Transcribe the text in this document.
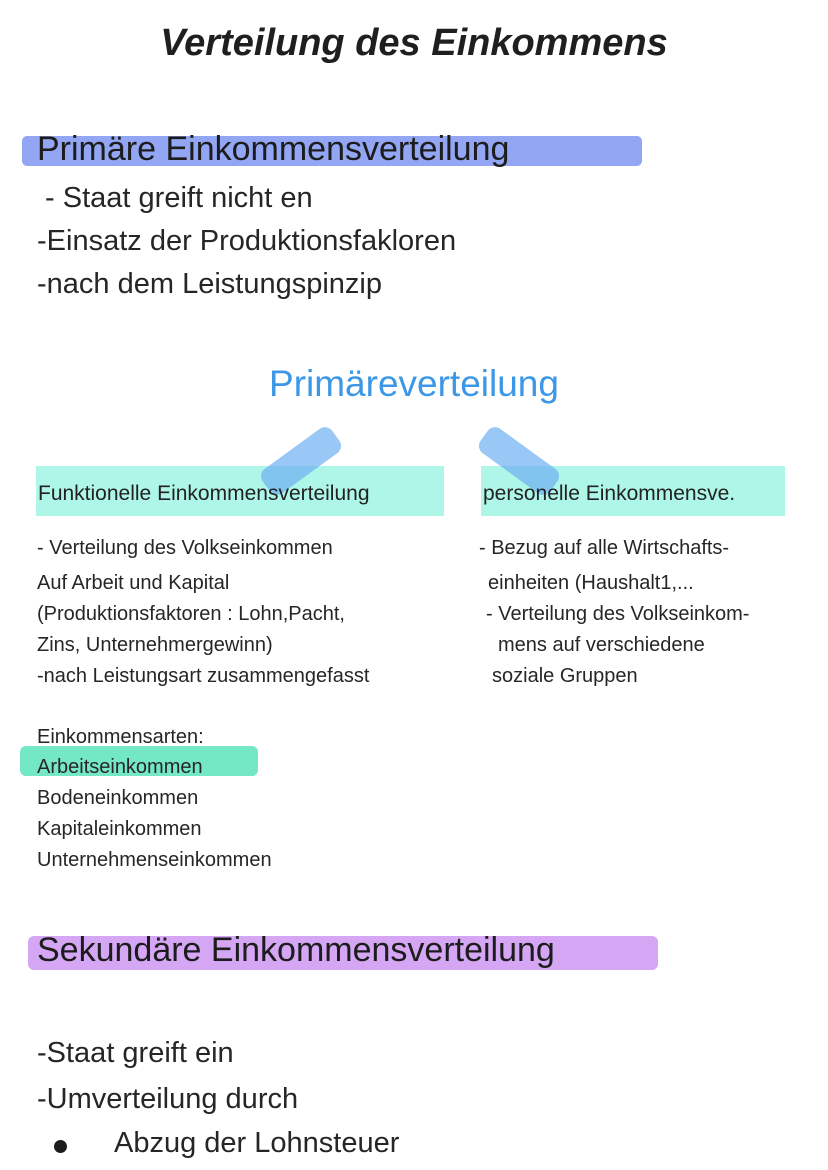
Verteilung des Einkommens
Primäre Einkommensverteilung
- Staat greift nicht en
-Einsatz der Produktionsfakloren
-nach dem Leistungspinzip
Primäreverteilung
Funktionelle Einkommensverteilung	personelle Einkommensve.
- Verteilung des Volkseinkommen
Auf Arbeit und Kapital
(Produktionsfaktoren : Lohn,Pacht,
Zins, Unternehmergewinn)
-nach Leistungsart zusammengefasst
Einkommensarten:
Arbeitseinkommen
Bodeneinkommen
Kapitaleinkommen
Unternehmenseinkommen
- Bezug auf alle Wirtschafts-
einheiten (Haushalt1,...
- Verteilung des Volkseinkom-
mens auf verschiedene
soziale Gruppen
Sekundäre Einkommensverteilung
-Staat greift ein
-Umverteilung durch
Abzug der Lohnsteuer
